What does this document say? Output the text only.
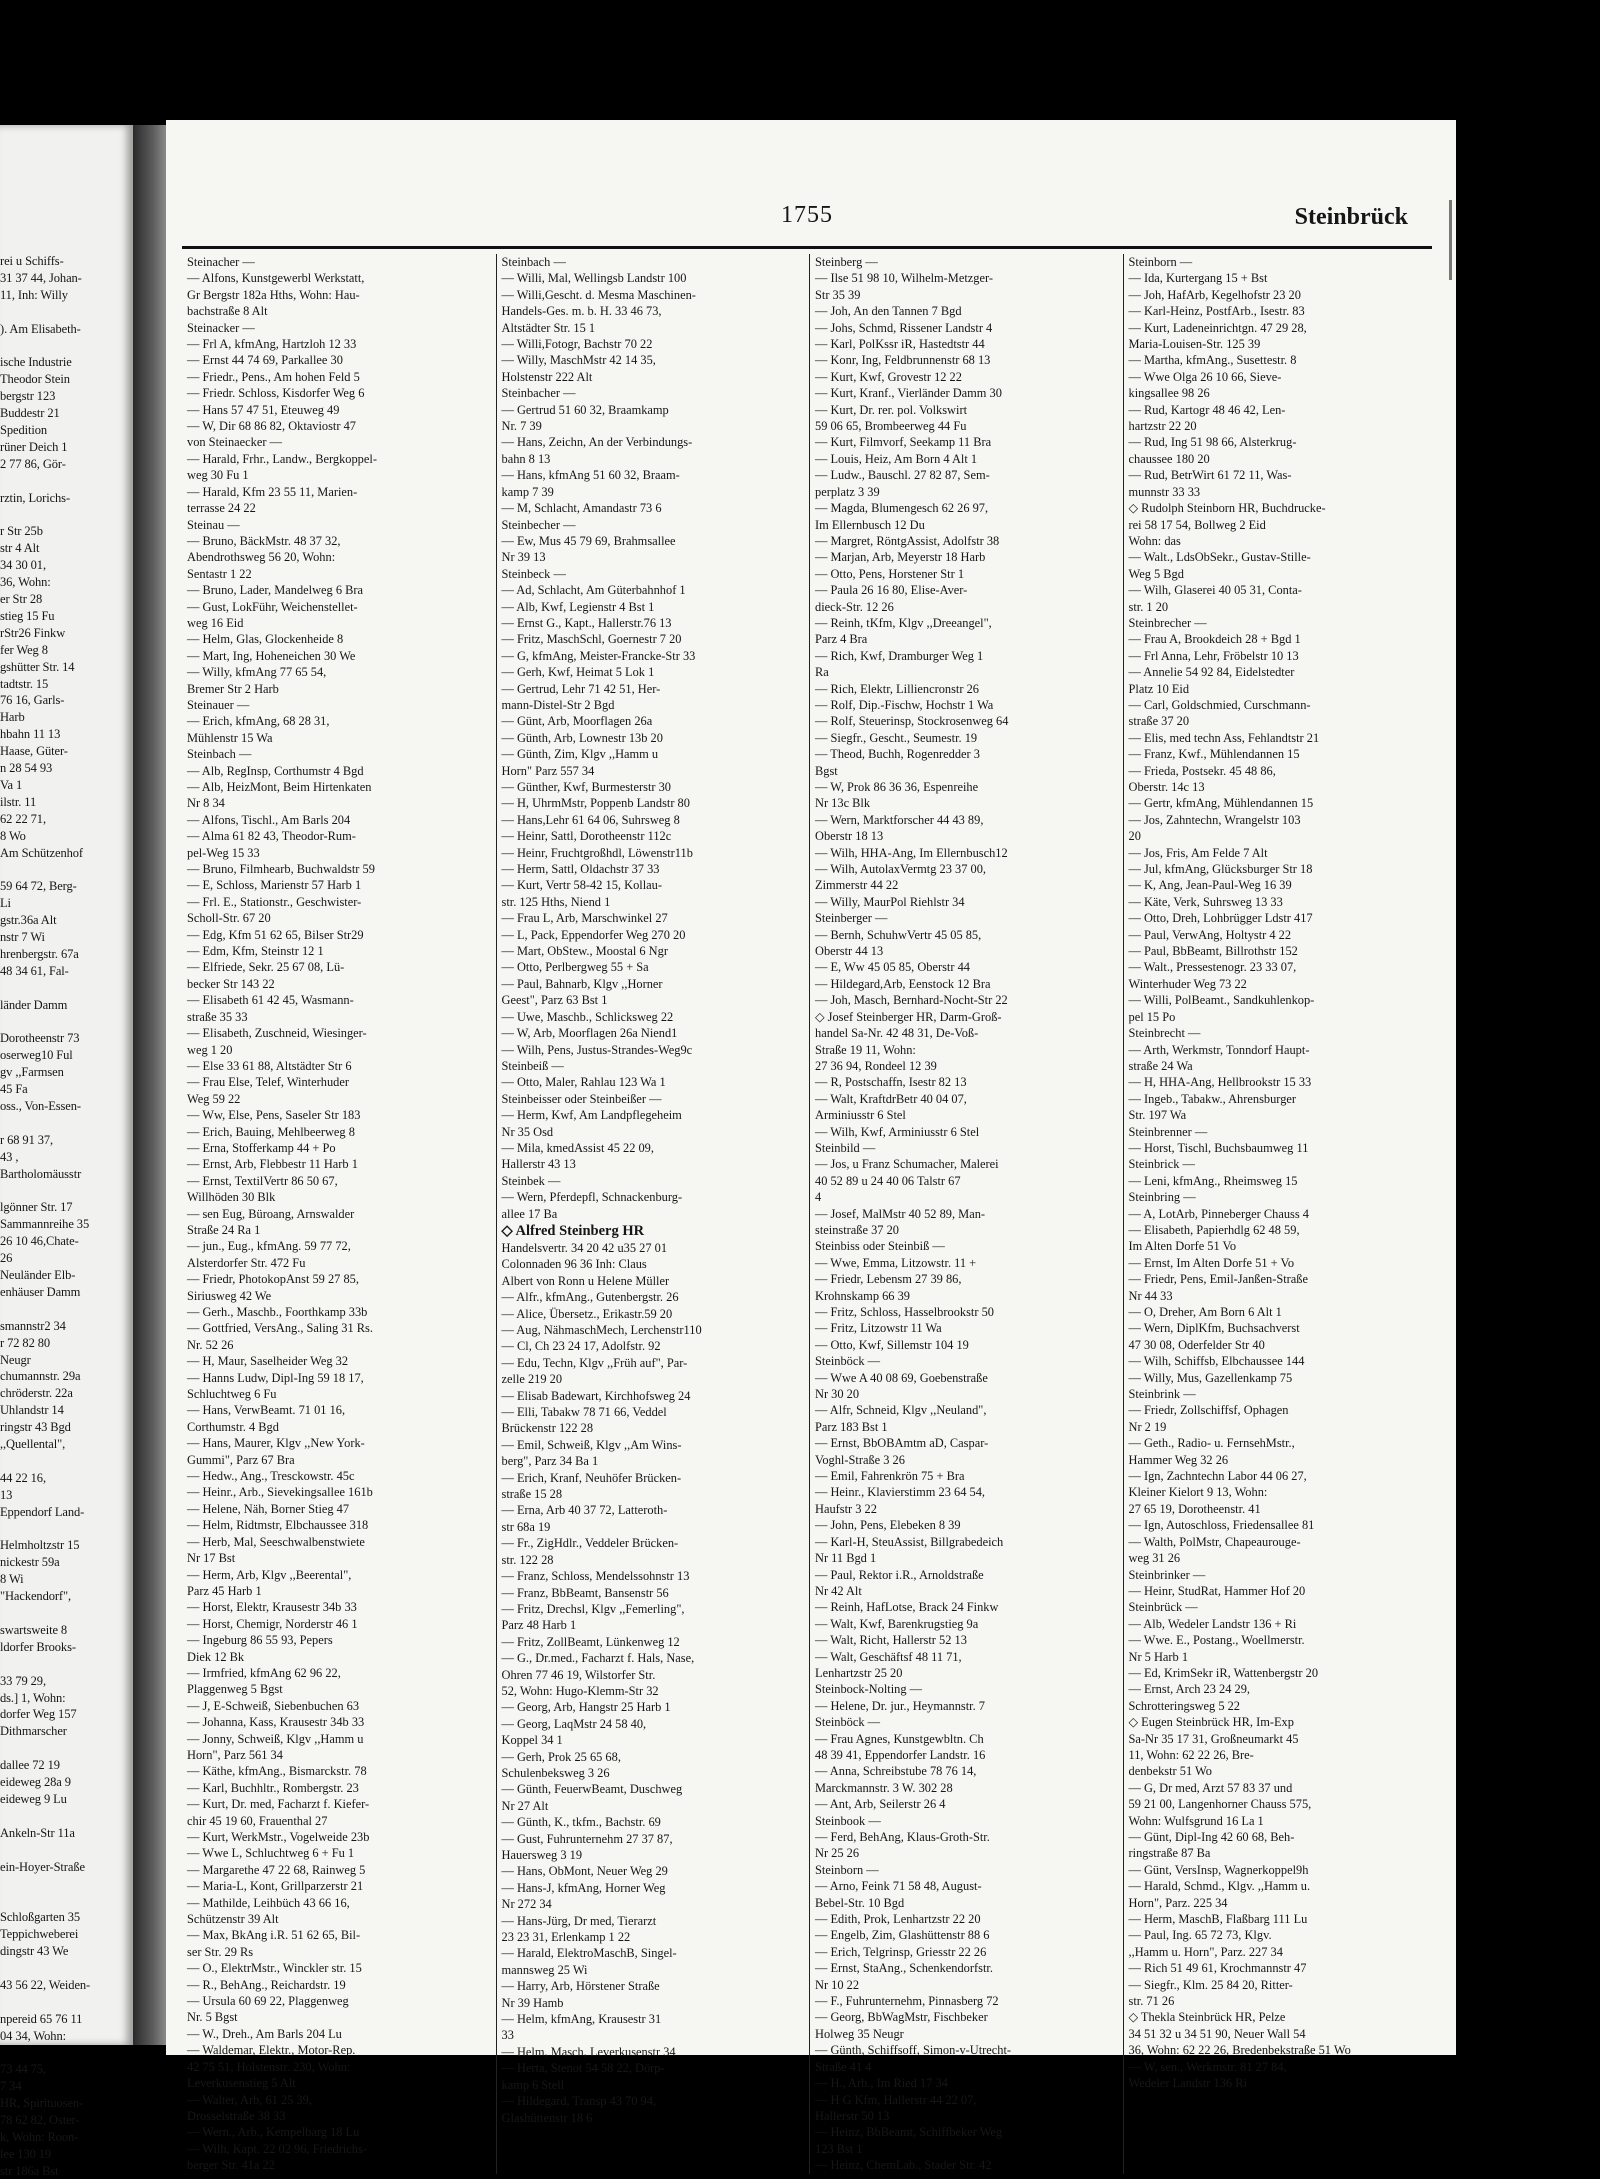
rei u Schiffs-
31 37 44, Johan-
11, Inh: Willy
). Am Elisabeth-
ische Industrie
Theodor Stein
bergstr 123
Buddestr 21
Spedition
rüner Deich 1
2 77 86, Gör-
rztin, Lorichs-
r Str 25b
str 4 Alt
34 30 01,
36, Wohn:
er Str 28
stieg 15 Fu
rStr26 Finkw
fer Weg 8
gshütter Str. 14
tadtstr. 15
76 16, Garls-
Harb
hbahn 11 13
Haase, Güter-
n 28 54 93
Va 1
ilstr. 11
62 22 71,
8 Wo
Am Schützenhof
59 64 72, Berg-
Li
gstr.36a Alt
nstr 7 Wi
hrenbergstr. 67a
48 34 61, Fal-
länder Damm
Dorotheenstr 73
oserweg10 Ful
gv ,,Farmsen
45 Fa
oss., Von-Essen-
r 68 91 37,
43 ,
Bartholomäusstr
lgönner Str. 17
Sammannreihe 35
26 10 46,Chate-
26
Neuländer Elb-
enhäuser Damm
smannstr2 34
r 72 82 80
Neugr
chumannstr. 29a
chröderstr. 22a
Uhlandstr 14
ringstr 43 Bgd
,,Quellental",
44 22 16,
13
Eppendorf Land-
Helmholtzstr 15
nickestr 59a
8 Wi
"Hackendorf",
swartsweite 8
ldorfer Brooks-
33 79 29,
ds.] 1, Wohn:
dorfer Weg 157
Dithmarscher
dallee 72 19
eideweg 28a 9
eideweg 9 Lu
Ankeln-Str 11a
ein-Hoyer-Straße
Schloßgarten 35
Teppichweberei
dingstr 43 We
43 56 22, Weiden-
npereid 65 76 11
04 34, Wohn:
73 44 75,
7 34
HR, Spirituosen-
78 62 82, Oster-
k, Wohn: Roon-
lee 130 19
str 186a Bst
1755	Steinbrück

Steinacher —

— Alfons, Kunstgewerbl Werkstatt,

Gr Bergstr 182a Hths, Wohn: Hau-

bachstraße 8 Alt

Steinacker —

— Frl A, kfmAng, Hartzloh 12 33

— Ernst 44 74 69, Parkallee 30

— Friedr., Pens., Am hohen Feld 5

— Friedr. Schloss, Kisdorfer Weg 6

— Hans 57 47 51, Eteuweg 49

— W, Dir 68 86 82, Oktaviostr 47

von Steinaecker —

— Harald, Frhr., Landw., Bergkoppel-

weg 30 Fu 1

— Harald, Kfm 23 55 11, Marien-

terrasse 24 22

Steinau —

— Bruno, BäckMstr. 48 37 32,

Abendrothsweg 56 20, Wohn:

Sentastr 1 22

— Bruno, Lader, Mandelweg 6 Bra

— Gust, LokFühr, Weichenstellet-

weg 16 Eid

— Helm, Glas, Glockenheide 8

— Mart, Ing, Hoheneichen 30 We

— Willy, kfmAng 77 65 54,

Bremer Str 2 Harb

Steinauer —

— Erich, kfmAng, 68 28 31,

Mühlenstr 15 Wa

Steinbach —

— Alb, RegInsp, Corthumstr 4 Bgd

— Alb, HeizMont, Beim Hirtenkaten

Nr 8 34

— Alfons, Tischl., Am Barls 204

— Alma 61 82 43, Theodor-Rum-

pel-Weg 15 33

— Bruno, Filmhearb, Buchwaldstr 59

— E, Schloss, Marienstr 57 Harb 1

— Frl. E., Stationstr., Geschwister-

Scholl-Str. 67 20

— Edg, Kfm 51 62 65, Bilser Str29

— Edm, Kfm, Steinstr 12 1

— Elfriede, Sekr. 25 67 08, Lü-

becker Str 143 22

— Elisabeth 61 42 45, Wasmann-

straße 35 33

— Elisabeth, Zuschneid, Wiesinger-

weg 1 20

— Else 33 61 88, Altstädter Str 6

— Frau Else, Telef, Winterhuder

Weg 59 22

— Ww, Else, Pens, Saseler Str 183

— Erich, Bauing, Mehlbeerweg 8

— Erna, Stofferkamp 44 + Po

— Ernst, Arb, Flebbestr 11 Harb 1

— Ernst, TextilVertr 86 50 67,

Willhöden 30 Blk

— sen Eug, Büroang, Arnswalder

Straße 24 Ra 1

— jun., Eug., kfmAng. 59 77 72,

Alsterdorfer Str. 472 Fu

— Friedr, PhotokopAnst 59 27 85,

Siriusweg 42 We

— Gerh., Maschb., Foorthkamp 33b

— Gottfried, VersAng., Saling 31 Rs.

Nr. 52 26

— H, Maur, Saselheider Weg 32

— Hanns Ludw, Dipl-Ing 59 18 17,

Schluchtweg 6 Fu

— Hans, VerwBeamt. 71 01 16,

Corthumstr. 4 Bgd

— Hans, Maurer, Klgv ,,New York-

Gummi", Parz 67 Bra

— Hedw., Ang., Tresckowstr. 45c

— Heinr., Arb., Sievekingsallee 161b

— Helene, Näh, Borner Stieg 47

— Helm, Ridtmstr, Elbchaussee 318

— Herb, Mal, Seeschwalbenstwiete

Nr 17 Bst

— Herm, Arb, Klgv ,,Beerental",

Parz 45 Harb 1

— Horst, Elektr, Krausestr 34b 33

— Horst, Chemigr, Norderstr 46 1

— Ingeburg 86 55 93, Pepers

Diek 12 Bk

— Irmfried, kfmAng 62 96 22,

Plaggenweg 5 Bgst

— J, E-Schweiß, Siebenbuchen 63

— Johanna, Kass, Krausestr 34b 33

— Jonny, Schweiß, Klgv ,,Hamm u

Horn", Parz 561 34

— Käthe, kfmAng., Bismarckstr. 78

— Karl, Buchhltr., Rombergstr. 23

— Kurt, Dr. med, Facharzt f. Kiefer-

chir 45 19 60, Frauenthal 27

— Kurt, WerkMstr., Vogelweide 23b

— Wwe L, Schluchtweg 6 + Fu 1

— Margarethe 47 22 68, Rainweg 5

— Maria-L, Kont, Grillparzerstr 21

— Mathilde, Leihbüch 43 66 16,

Schützenstr 39 Alt

— Max, BkAng i.R. 51 62 65, Bil-

ser Str. 29 Rs

— O., ElektrMstr., Winckler str. 15

— R., BehAng., Reichardstr. 19

— Ursula 60 69 22, Plaggenweg

Nr. 5 Bgst

— W., Dreh., Am Barls 204 Lu

— Waldemar, Elektr., Motor-Rep.

42 75 51, Holstenstr. 230, Wohn:

Leverkusenstieg 5 Alt

— Walter, Arb, 61 25 39,

Drosselstraße 38 33

— Wern., Arb., Kempelbarg 18 Lu

— Wilh, Kapt. 22 02 96, Friedrichs-

berger Str. 41a 22

Steinbach —

— Willi, Mal, Wellingsb Landstr 100

— Willi,Gescht. d. Mesma Maschinen-

Handels-Ges. m. b. H. 33 46 73,

Altstädter Str. 15 1

— Willi,Fotogr, Bachstr 70 22

— Willy, MaschMstr 42 14 35,

Holstenstr 222 Alt

Steinbacher —

— Gertrud 51 60 32, Braamkamp

Nr. 7 39

— Hans, Zeichn, An der Verbindungs-

bahn 8 13

— Hans, kfmAng 51 60 32, Braam-

kamp 7 39

— M, Schlacht, Amandastr 73 6

Steinbecher —

— Ew, Mus 45 79 69, Brahmsallee

Nr 39 13

Steinbeck —

— Ad, Schlacht, Am Güterbahnhof 1

— Alb, Kwf, Legienstr 4 Bst 1

— Ernst G., Kapt., Hallerstr.76 13

— Fritz, MaschSchl, Goernestr 7 20

— G, kfmAng, Meister-Francke-Str 33

— Gerh, Kwf, Heimat 5 Lok 1

— Gertrud, Lehr 71 42 51, Her-

mann-Distel-Str 2 Bgd

— Günt, Arb, Moorflagen 26a

— Günth, Arb, Lownestr 13b 20

— Günth, Zim, Klgv ,,Hamm u

Horn" Parz 557 34

— Günther, Kwf, Burmesterstr 30

— H, UhrmMstr, Poppenb Landstr 80

— Hans,Lehr 61 64 06, Suhrsweg 8

— Heinr, Sattl, Dorotheenstr 112c

— Heinr, Fruchtgroßhdl, Löwenstr11b

— Herm, Sattl, Oldachstr 37 33

— Kurt, Vertr 58-42 15, Kollau-

str. 125 Hths, Niend 1

— Frau L, Arb, Marschwinkel 27

— L, Pack, Eppendorfer Weg 270 20

— Mart, ObStew., Moostal 6 Ngr

— Otto, Perlbergweg 55 + Sa

— Paul, Bahnarb, Klgv ,,Horner

Geest", Parz 63 Bst 1

— Uwe, Maschb., Schlicksweg 22

— W, Arb, Moorflagen 26a Niend1

— Wilh, Pens, Justus-Strandes-Weg9c

Steinbeiß —

— Otto, Maler, Rahlau 123 Wa 1

Steinbeisser oder Steinbeißer —

— Herm, Kwf, Am Landpflegeheim

Nr 35 Osd

— Mila, kmedAssist 45 22 09,

Hallerstr 43 13

Steinbek —

— Wern, Pferdepfl, Schnackenburg-

allee 17 Ba

◇ Alfred Steinberg HR

Handelsvertr. 34 20 42 u35 27 01

Colonnaden 96 36 Inh: Claus

Albert von Ronn u Helene Müller

— Alfr., kfmAng., Gutenbergstr. 26

— Alice, Übersetz., Erikastr.59 20

— Aug, NähmaschMech, Lerchenstr110

— Cl, Ch 23 24 17, Adolfstr. 92

— Edu, Techn, Klgv ,,Früh auf", Par-

zelle 219 20

— Elisab Badewart, Kirchhofsweg 24

— Elli, Tabakw 78 71 66, Veddel

Brückenstr 122 28

— Emil, Schweiß, Klgv ,,Am Wins-

berg", Parz 34 Ba 1

— Erich, Kranf, Neuhöfer Brücken-

straße 15 28

— Erna, Arb 40 37 72, Latteroth-

str 68a 19

— Fr., ZigHdlr., Veddeler Brücken-

str. 122 28

— Franz, Schloss, Mendelssohnstr 13

— Franz, BbBeamt, Bansenstr 56

— Fritz, Drechsl, Klgv ,,Femerling",

Parz 48 Harb 1

— Fritz, ZollBeamt, Lünkenweg 12

— G., Dr.med., Facharzt f. Hals, Nase,

Ohren 77 46 19, Wilstorfer Str.

52, Wohn: Hugo-Klemm-Str 32

— Georg, Arb, Hangstr 25 Harb 1

— Georg, LaqMstr 24 58 40,

Koppel 34 1

— Gerh, Prok 25 65 68,

Schulenbeksweg 3 26

— Günth, FeuerwBeamt, Duschweg

Nr 27 Alt

— Günth, K., tkfm., Bachstr. 69

— Gust, Fuhrunternehm 27 37 87,

Hauersweg 3 19

— Hans, ObMont, Neuer Weg 29

— Hans-J, kfmAng, Horner Weg

Nr 272 34

— Hans-Jürg, Dr med, Tierarzt

23 23 31, Erlenkamp 1 22

— Harald, ElektroMaschB, Singel-

mannsweg 25 Wi

— Harry, Arb, Hörstener Straße

Nr 39 Hamb

— Helm, kfmAng, Krausestr 31

33

— Helm, Masch, Leverkusenstr 34

— Herta, Stenot 54 58 22, Dörp-

kamp 6 Stell

— Hildegard, Transp 43 70 94,

Glashüttenstr 18 6

Steinberg —

— Ilse 51 98 10, Wilhelm-Metzger-

Str 35 39

— Joh, An den Tannen 7 Bgd

— Johs, Schmd, Rissener Landstr 4

— Karl, PolKssr iR, Hastedtstr 44

— Konr, Ing, Feldbrunnenstr 68 13

— Kurt, Kwf, Grovestr 12 22

— Kurt, Kranf., Vierländer Damm 30

— Kurt, Dr. rer. pol. Volkswirt

59 06 65, Brombeerweg 44 Fu

— Kurt, Filmvorf, Seekamp 11 Bra

— Louis, Heiz, Am Born 4 Alt 1

— Ludw., Bauschl. 27 82 87, Sem-

perplatz 3 39

— Magda, Blumengesch 62 26 97,

Im Ellernbusch 12 Du

— Margret, RöntgAssist, Adolfstr 38

— Marjan, Arb, Meyerstr 18 Harb

— Otto, Pens, Horstener Str 1

— Paula 26 16 80, Elise-Aver-

dieck-Str. 12 26

— Reinh, tKfm, Klgv ,,Dreeangel",

Parz 4 Bra

— Rich, Kwf, Dramburger Weg 1

Ra

— Rich, Elektr, Lilliencronstr 26

— Rolf, Dip.-Fischw, Hochstr 1 Wa

— Rolf, Steuerinsp, Stockrosenweg 64

— Siegfr., Gescht., Seumestr. 19

— Theod, Buchh, Rogenredder 3

Bgst

— W, Prok 86 36 36, Espenreihe

Nr 13c Blk

— Wern, Marktforscher 44 43 89,

Oberstr 18 13

— Wilh, HHA-Ang, Im Ellernbusch12

— Wilh, AutolaxVermtg 23 37 00,

Zimmerstr 44 22

— Willy, MaurPol Riehlstr 34

Steinberger —

— Bernh, SchuhwVertr 45 05 85,

Oberstr 44 13

— E, Ww 45 05 85, Oberstr 44

— Hildegard,Arb, Eenstock 12 Bra

— Joh, Masch, Bernhard-Nocht-Str 22

◇ Josef Steinberger HR, Darm-Groß-

handel Sa-Nr. 42 48 31, De-Voß-

Straße 19 11, Wohn:

27 36 94, Rondeel 12 39

— R, Postschaffn, Isestr 82 13

— Walt, KraftdrBetr 40 04 07,

Arminiusstr 6 Stel

— Wilh, Kwf, Arminiusstr 6 Stel

Steinbild —

— Jos, u Franz Schumacher, Malerei

40 52 89 u 24 40 06 Talstr 67

4

— Josef, MalMstr 40 52 89, Man-

steinstraße 37 20

Steinbiss oder Steinbiß —

— Wwe, Emma, Litzowstr. 11 +

— Friedr, Lebensm 27 39 86,

Krohnskamp 66 39

— Fritz, Schloss, Hasselbrookstr 50

— Fritz, Litzowstr 11 Wa

— Otto, Kwf, Sillemstr 104 19

Steinböck —

— Wwe A 40 08 69, Goebenstraße

Nr 30 20

— Alfr, Schneid, Klgv ,,Neuland",

Parz 183 Bst 1

— Ernst, BbOBAmtm aD, Caspar-

Voghl-Straße 3 26

— Emil, Fahrenkrön 75 + Bra

— Heinr., Klavierstimm 23 64 54,

Haufstr 3 22

— John, Pens, Elebeken 8 39

— Karl-H, SteuAssist, Billgrabedeich

Nr 11 Bgd 1

— Paul, Rektor i.R., Arnoldstraße

Nr 42 Alt

— Reinh, HafLotse, Brack 24 Finkw

— Walt, Kwf, Barenkrugstieg 9a

— Walt, Richt, Hallerstr 52 13

— Walt, Geschäftsf 48 11 71,

Lenhartzstr 25 20

Steinbock-Nolting —

— Helene, Dr. jur., Heymannstr. 7

Steinböck —

— Frau Agnes, Kunstgewbltn. Ch

48 39 41, Eppendorfer Landstr. 16

— Anna, Schreibstube 78 76 14,

Marckmannstr. 3 W. 302 28

— Ant, Arb, Seilerstr 26 4

Steinbook —

— Ferd, BehAng, Klaus-Groth-Str.

Nr 25 26

Steinborn —

— Arno, Feink 71 58 48, August-

Bebel-Str. 10 Bgd

— Edith, Prok, Lenhartzstr 22 20

— Engelb, Zim, Glashüttenstr 88 6

— Erich, Telgrinsp, Griesstr 22 26

— Ernst, StaAng., Schenkendorfstr.

Nr 10 22

— F., Fuhrunternehm, Pinnasberg 72

— Georg, BbWagMstr, Fischbeker

Holweg 35 Neugr

— Günth, Schiffsoff, Simon-v-Utrecht-

Straße 41 4

— H., Arb., Im Ried 17 34

— H G Kfm, Hallerstr 44 22 07,

Hallerstr 50 13

— Heinz, BbBeamt, Schiffbeker Weg

123 Bst 1

— Heinz, ChemLab., Stader Str. 42

Steinborn —

— Ida, Kurtergang 15 + Bst

— Joh, HafArb, Kegelhofstr 23 20

— Karl-Heinz, PostfArb., Isestr. 83

— Kurt, Ladeneinrichtgn. 47 29 28,

Maria-Louisen-Str. 125 39

— Martha, kfmAng., Susettestr. 8

— Wwe Olga 26 10 66, Sieve-

kingsallee 98 26

— Rud, Kartogr 48 46 42, Len-

hartzstr 22 20

— Rud, Ing 51 98 66, Alsterkrug-

chaussee 180 20

— Rud, BetrWirt 61 72 11, Was-

munnstr 33 33

◇ Rudolph Steinborn HR, Buchdrucke-

rei 58 17 54, Bollweg 2 Eid

Wohn: das

— Walt., LdsObSekr., Gustav-Stille-

Weg 5 Bgd

— Wilh, Glaserei 40 05 31, Conta-

str. 1 20

Steinbrecher —

— Frau A, Brookdeich 28 + Bgd 1

— Frl Anna, Lehr, Fröbelstr 10 13

— Annelie 54 92 84, Eidelstedter

Platz 10 Eid

— Carl, Goldschmied, Curschmann-

straße 37 20

— Elis, med techn Ass, Fehlandtstr 21

— Franz, Kwf., Mühlendannen 15

— Frieda, Postsekr. 45 48 86,

Oberstr. 14c 13

— Gertr, kfmAng, Mühlendannen 15

— Jos, Zahntechn, Wrangelstr 103

20

— Jos, Fris, Am Felde 7 Alt

— Jul, kfmAng, Glücksburger Str 18

— K, Ang, Jean-Paul-Weg 16 39

— Käte, Verk, Suhrsweg 13 33

— Otto, Dreh, Lohbrügger Ldstr 417

— Paul, VerwAng, Holtystr 4 22

— Paul, BbBeamt, Billrothstr 152

— Walt., Pressestenogr. 23 33 07,

Winterhuder Weg 73 22

— Willi, PolBeamt., Sandkuhlenkop-

pel 15 Po

Steinbrecht —

— Arth, Werkmstr, Tonndorf Haupt-

straße 24 Wa

— H, HHA-Ang, Hellbrookstr 15 33

— Ingeb., Tabakw., Ahrensburger

Str. 197 Wa

Steinbrenner —

— Horst, Tischl, Buchsbaumweg 11

Steinbrick —

— Leni, kfmAng., Rheimsweg 15

Steinbring —

— A, LotArb, Pinneberger Chauss 4

— Elisabeth, Papierhdlg 62 48 59,

Im Alten Dorfe 51 Vo

— Ernst, Im Alten Dorfe 51 + Vo

— Friedr, Pens, Emil-Janßen-Straße

Nr 44 33

— O, Dreher, Am Born 6 Alt 1

— Wern, DiplKfm, Buchsachverst

47 30 08, Oderfelder Str 40

— Wilh, Schiffsb, Elbchaussee 144

— Willy, Mus, Gazellenkamp 75

Steinbrink —

— Friedr, Zollschiffsf, Ophagen

Nr 2 19

— Geth., Radio- u. FernsehMstr.,

Hammer Weg 32 26

— Ign, Zachntechn Labor 44 06 27,

Kleiner Kielort 9 13, Wohn:

27 65 19, Dorotheenstr. 41

— Ign, Autoschloss, Friedensallee 81

— Walth, PolMstr, Chapeaurouge-

weg 31 26

Steinbrinker —

— Heinr, StudRat, Hammer Hof 20

Steinbrück —

— Alb, Wedeler Landstr 136 + Ri

— Wwe. E., Postang., Woellmerstr.

Nr 5 Harb 1

— Ed, KrimSekr iR, Wattenbergstr 20

— Ernst, Arch 23 24 29,

Schrotteringsweg 5 22

◇ Eugen Steinbrück HR, Im-Exp

Sa-Nr 35 17 31, Großneumarkt 45

11, Wohn: 62 22 26, Bre-

denbekstr 51 Wo

— G, Dr med, Arzt 57 83 37 und

59 21 00, Langenhorner Chauss 575,

Wohn: Wulfsgrund 16 La 1

— Günt, Dipl-Ing 42 60 68, Beh-

ringstraße 87 Ba

— Günt, VersInsp, Wagnerkoppel9h

— Harald, Schmd., Klgv. ,,Hamm u.

Horn", Parz. 225 34

— Herm, MaschB, Flaßbarg 111 Lu

— Paul, Ing. 65 72 73, Klgv.

,,Hamm u. Horn", Parz. 227 34

— Rich 51 49 61, Krochmannstr 47

— Siegfr., Klm. 25 84 20, Ritter-

str. 71 26

◇ Thekla Steinbrück HR, Pelze

34 51 32 u 34 51 90, Neuer Wall 54

36, Wohn: 62 22 26, Bredenbekstraße 51 Wo

— W, sen., Werkmstr. 81 27 84,

Wedeler Landstr 136 Ri
